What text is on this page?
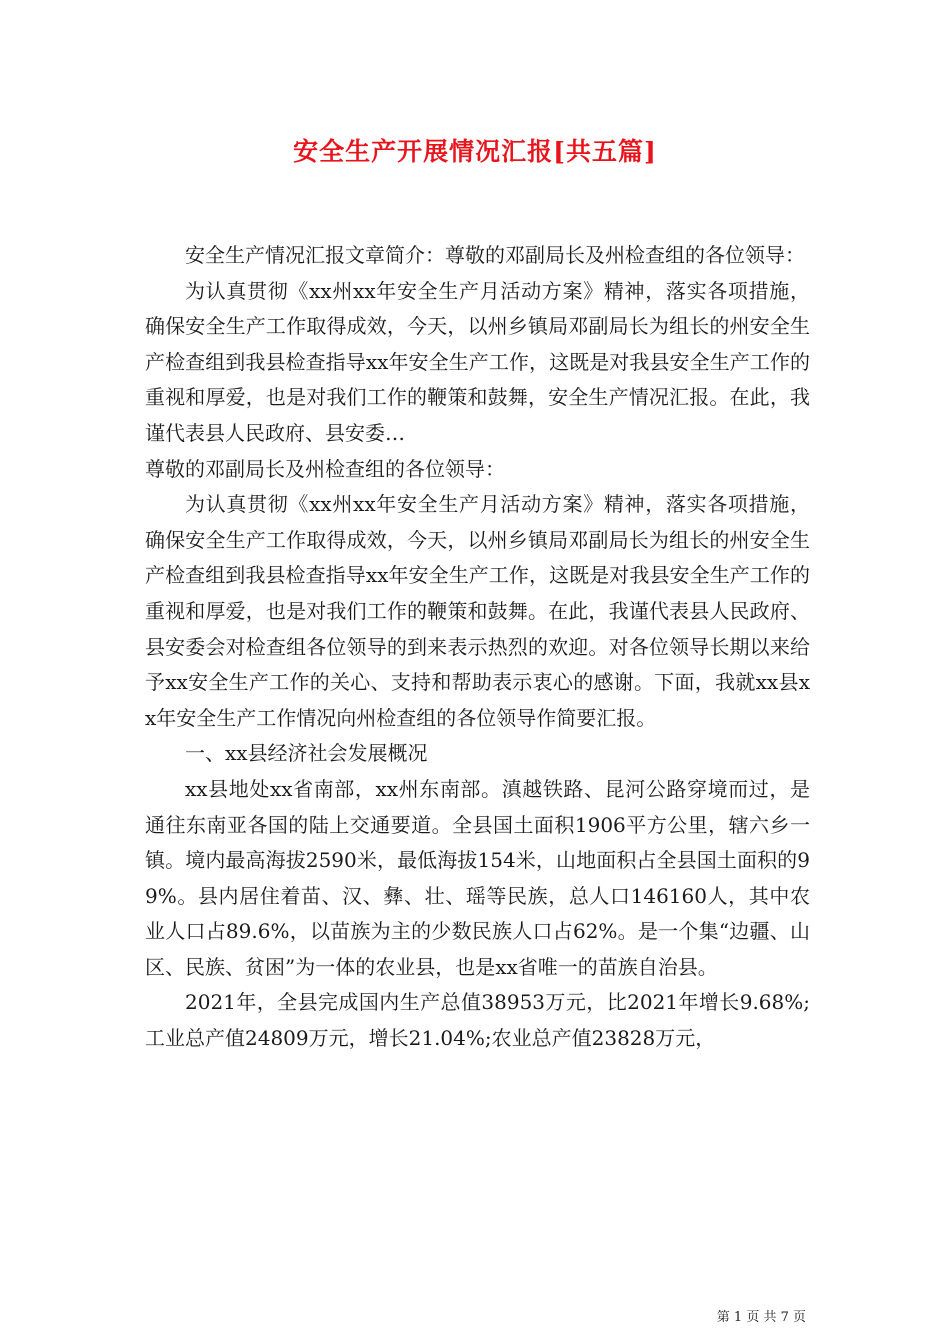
安全生产开展情况汇报[共五篇]

安全生产情况汇报文章简介：尊敬的邓副局长及州检查组的各位领导：

为认真贯彻《xx州xx年安全生产月活动方案》精神，落实各项措施，确保安全生产工作取得成效，今天，以州乡镇局邓副局长为组长的州安全生产检查组到我县检查指导xx年安全生产工作，这既是对我县安全生产工作的重视和厚爱，也是对我们工作的鞭策和鼓舞，安全生产情况汇报。在此，我谨代表县人民政府、县安委…

尊敬的邓副局长及州检查组的各位领导：

为认真贯彻《xx州xx年安全生产月活动方案》精神，落实各项措施，确保安全生产工作取得成效，今天，以州乡镇局邓副局长为组长的州安全生产检查组到我县检查指导xx年安全生产工作，这既是对我县安全生产工作的重视和厚爱，也是对我们工作的鞭策和鼓舞。在此，我谨代表县人民政府、县安委会对检查组各位领导的到来表示热烈的欢迎。对各位领导长期以来给予xx安全生产工作的关心、支持和帮助表示衷心的感谢。下面，我就xx县xx年安全生产工作情况向州检查组的各位领导作简要汇报。

一、xx县经济社会发展概况

xx县地处xx省南部，xx州东南部。滇越铁路、昆河公路穿境而过，是通往东南亚各国的陆上交通要道。全县国土面积1906平方公里，辖六乡一镇。境内最高海拔2590米，最低海拔154米，山地面积占全县国土面积的99%。县内居住着苗、汉、彝、壮、瑶等民族，总人口146160人，其中农业人口占89.6%，以苗族为主的少数民族人口占62%。是一个集“边疆、山区、民族、贫困”为一体的农业县，也是xx省唯一的苗族自治县。

2021年，全县完成国内生产总值38953万元，比2021年增长9.68%;工业总产值24809万元，增长21.04%;农业总产值23828万元，

第 1 页 共 7 页
